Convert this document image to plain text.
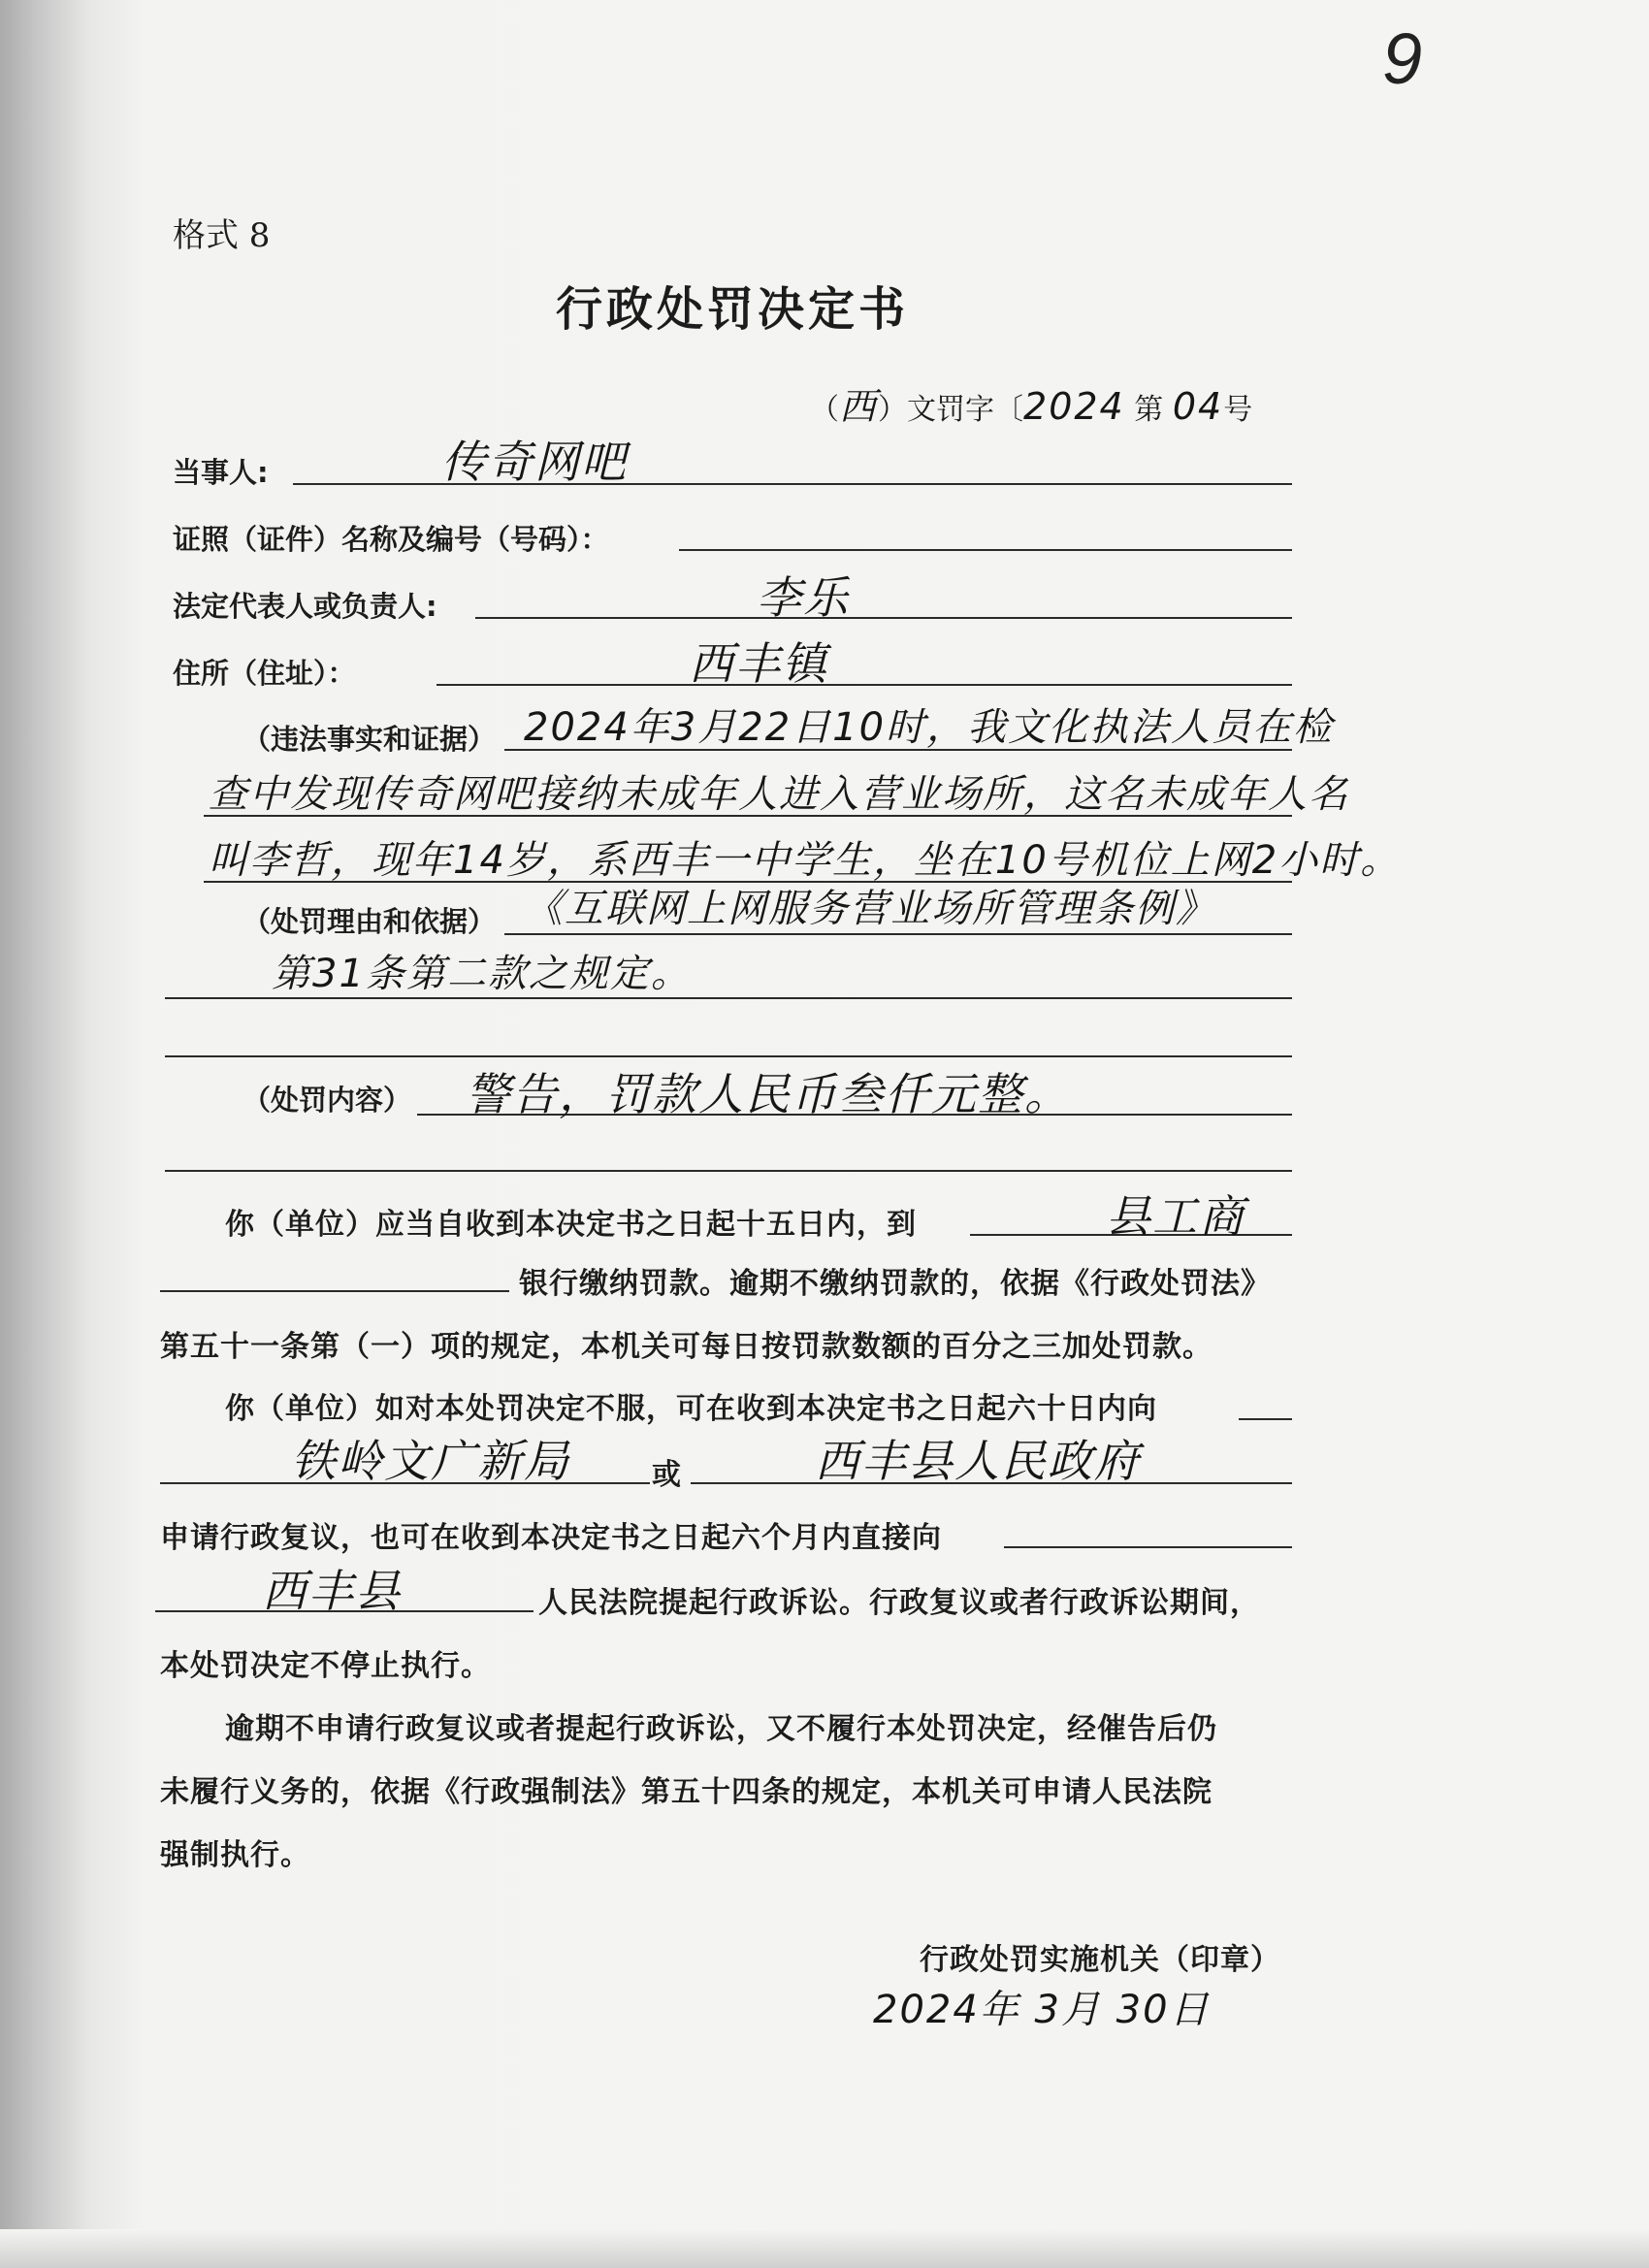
9
格式 8
行政处罚决定书
（西）文罚字〔2024 第 04号
当事人:	传奇网吧
证照（证件）名称及编号（号码）：
法定代表人或负责人:	李乐
住所（住址）：	西丰镇
（违法事实和证据） 2024年3月22日10时，我文化执法人员在检
查中发现传奇网吧接纳未成年人进入营业场所，这名未成年人名
叫李哲，现年14岁，系西丰一中学生，坐在10号机位上网2小时。
（处罚理由和依据） 《互联网上网服务营业场所管理条例》
第31条第二款之规定。
（处罚内容） 警告，罚款人民币叁仟元整。
你（单位）应当自收到本决定书之日起十五日内，到	县工商
银行缴纳罚款。逾期不缴纳罚款的，依据《行政处罚法》
第五十一条第（一）项的规定，本机关可每日按罚款数额的百分之三加处罚款。
你（单位）如对本处罚决定不服，可在收到本决定书之日起六十日内向
铁岭文广新局	或	西丰县人民政府
申请行政复议，也可在收到本决定书之日起六个月内直接向
西丰县	人民法院提起行政诉讼。行政复议或者行政诉讼期间，
本处罚决定不停止执行。
逾期不申请行政复议或者提起行政诉讼，又不履行本处罚决定，经催告后仍
未履行义务的，依据《行政强制法》第五十四条的规定，本机关可申请人民法院
强制执行。
行政处罚实施机关（印章）
2024年 3月 30日
